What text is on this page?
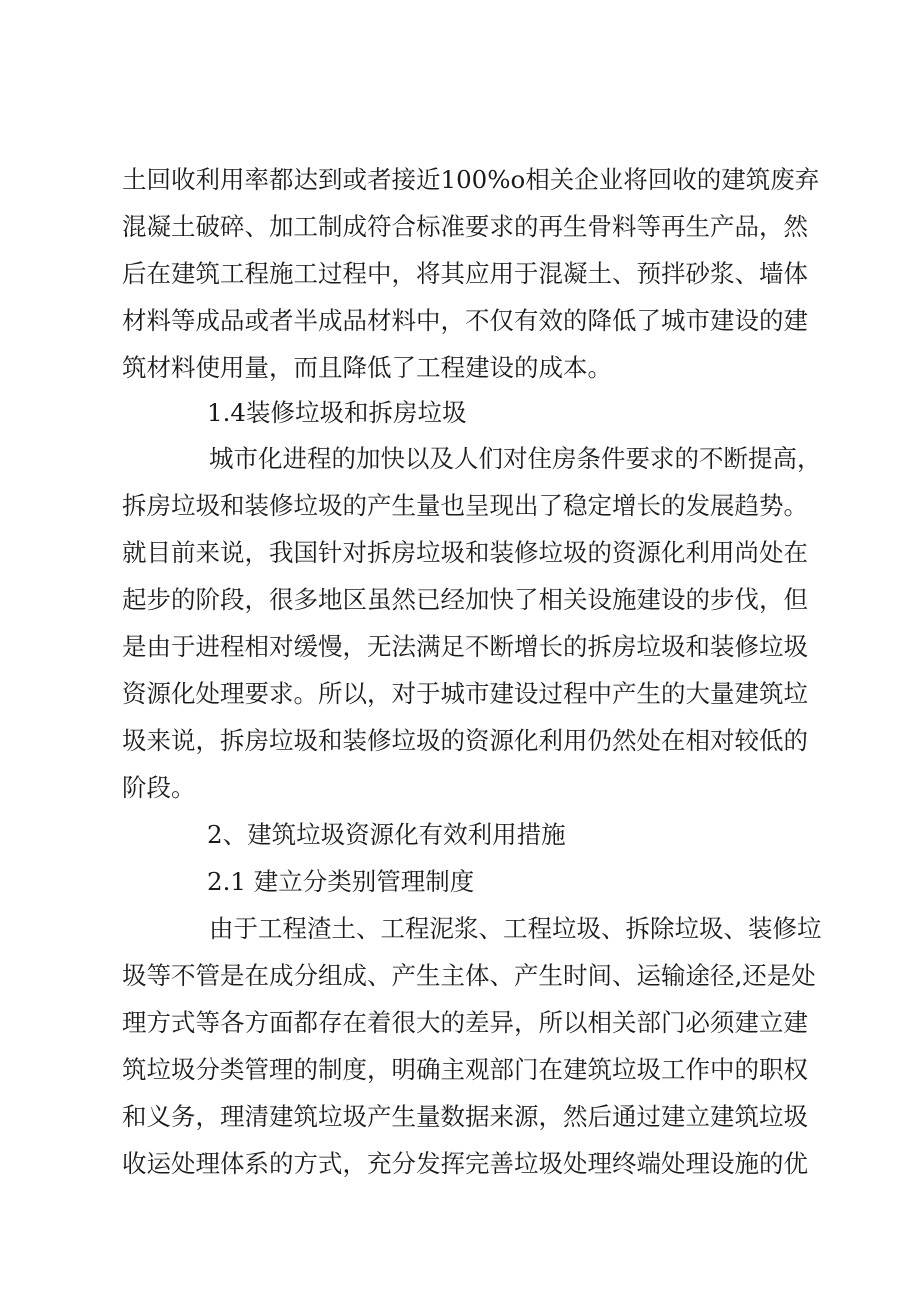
土 回 收 利 用 率 都 达 到 或 者 接 近 100%o 相 关 企 业 将 回 收 的 建 筑 废 弃
混 凝 土 破 碎 、 加 工 制 成 符 合 标 准 要 求 的 再 生 骨 料 等 再 生 产 品 ， 然
后 在 建 筑 工 程 施 工 过 程 中 ， 将 其 应 用 于 混 凝 土 、 预 拌 砂 浆 、 墙 体
材 料 等 成 品 或 者 半 成 品 材 料 中 ， 不 仅 有 效 的 降 低 了 城 市 建 设 的 建
筑材料使用量，而且降低了工程建设的成本。
1.4装修垃圾和拆房垃圾
城市化进程的加快以及人们对住房条件要求的不断提高，
拆 房 垃 圾 和 装 修 垃 圾 的 产 生 量 也 呈 现 出 了 稳 定 增 长 的 发 展 趋 势 。
就 目 前 来 说 ， 我 国 针 对 拆 房 垃 圾 和 装 修 垃 圾 的 资 源 化 利 用 尚 处 在
起 步 的 阶 段 ， 很 多 地 区 虽 然 已 经 加 快 了 相 关 设 施 建 设 的 步 伐 ， 但
是 由 于 进 程 相 对 缓 慢 ， 无 法 满 足 不 断 增 长 的 拆 房 垃 圾 和 装 修 垃 圾
资 源 化 处 理 要 求 。 所 以 ， 对 于 城 市 建 设 过 程 中 产 生 的 大 量 建 筑 垃
圾 来 说 ， 拆 房 垃 圾 和 装 修 垃 圾 的 资 源 化 利 用 仍 然 处 在 相 对 较 低 的
阶段。
2、建筑垃圾资源化有效利用措施
2.1 建立分类别管理制度
由于工程渣土、工程泥浆、工程垃圾、拆除垃圾、装修垃
圾 等 不 管 是 在 成 分 组 成 、 产 生 主 体 、 产 生 时 间 、 运 输 途 径 , 还 是 处
理 方 式 等 各 方 面 都 存 在 着 很 大 的 差 异 ， 所 以 相 关 部 门 必 须 建 立 建
筑 垃 圾 分 类 管 理 的 制 度 ， 明 确 主 观 部 门 在 建 筑 垃 圾 工 作 中 的 职 权
和 义 务 ， 理 清 建 筑 垃 圾 产 生 量 数 据 来 源 ， 然 后 通 过 建 立 建 筑 垃 圾
收 运 处 理 体 系 的 方 式 ， 充 分 发 挥 完 善 垃 圾 处 理 终 端 处 理 设 施 的 优
